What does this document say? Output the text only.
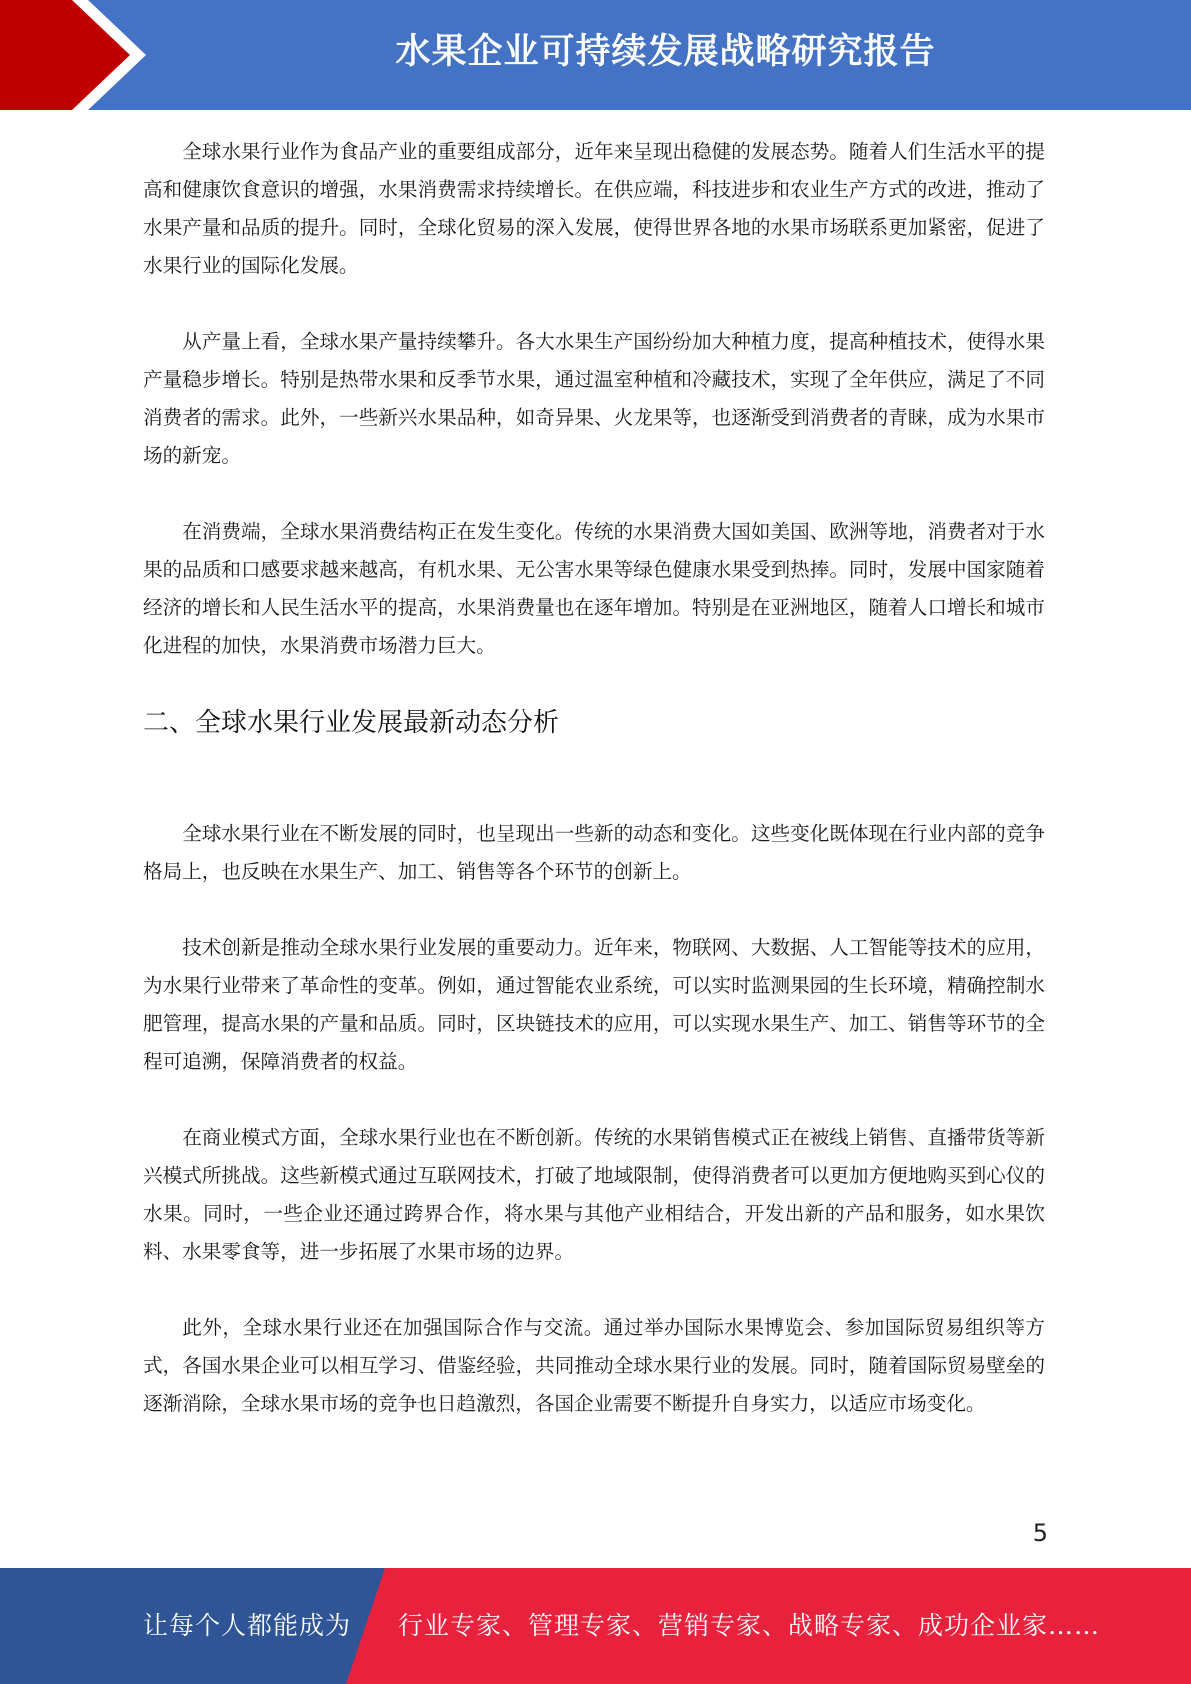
水果企业可持续发展战略研究报告

全球水果行业作为食品产业的重要组成部分，近年来呈现出稳健的发展态势。随着人们生活水平的提高和健康饮食意识的增强，水果消费需求持续增长。在供应端，科技进步和农业生产方式的改进，推动了水果产量和品质的提升。同时，全球化贸易的深入发展，使得世界各地的水果市场联系更加紧密，促进了水果行业的国际化发展。

从产量上看，全球水果产量持续攀升。各大水果生产国纷纷加大种植力度，提高种植技术，使得水果产量稳步增长。特别是热带水果和反季节水果，通过温室种植和冷藏技术，实现了全年供应，满足了不同消费者的需求。此外，一些新兴水果品种，如奇异果、火龙果等，也逐渐受到消费者的青睐，成为水果市场的新宠。

在消费端，全球水果消费结构正在发生变化。传统的水果消费大国如美国、欧洲等地，消费者对于水果的品质和口感要求越来越高，有机水果、无公害水果等绿色健康水果受到热捧。同时，发展中国家随着经济的增长和人民生活水平的提高，水果消费量也在逐年增加。特别是在亚洲地区，随着人口增长和城市化进程的加快，水果消费市场潜力巨大。

二、全球水果行业发展最新动态分析

全球水果行业在不断发展的同时，也呈现出一些新的动态和变化。这些变化既体现在行业内部的竞争格局上，也反映在水果生产、加工、销售等各个环节的创新上。

技术创新是推动全球水果行业发展的重要动力。近年来，物联网、大数据、人工智能等技术的应用，为水果行业带来了革命性的变革。例如，通过智能农业系统，可以实时监测果园的生长环境，精确控制水肥管理，提高水果的产量和品质。同时，区块链技术的应用，可以实现水果生产、加工、销售等环节的全程可追溯，保障消费者的权益。

在商业模式方面，全球水果行业也在不断创新。传统的水果销售模式正在被线上销售、直播带货等新兴模式所挑战。这些新模式通过互联网技术，打破了地域限制，使得消费者可以更加方便地购买到心仪的水果。同时，一些企业还通过跨界合作，将水果与其他产业相结合，开发出新的产品和服务，如水果饮料、水果零食等，进一步拓展了水果市场的边界。

此外，全球水果行业还在加强国际合作与交流。通过举办国际水果博览会、参加国际贸易组织等方式，各国水果企业可以相互学习、借鉴经验，共同推动全球水果行业的发展。同时，随着国际贸易壁垒的逐渐消除，全球水果市场的竞争也日趋激烈，各国企业需要不断提升自身实力，以适应市场变化。

5
让每个人都能成为 行业专家、管理专家、营销专家、战略专家、成功企业家……
